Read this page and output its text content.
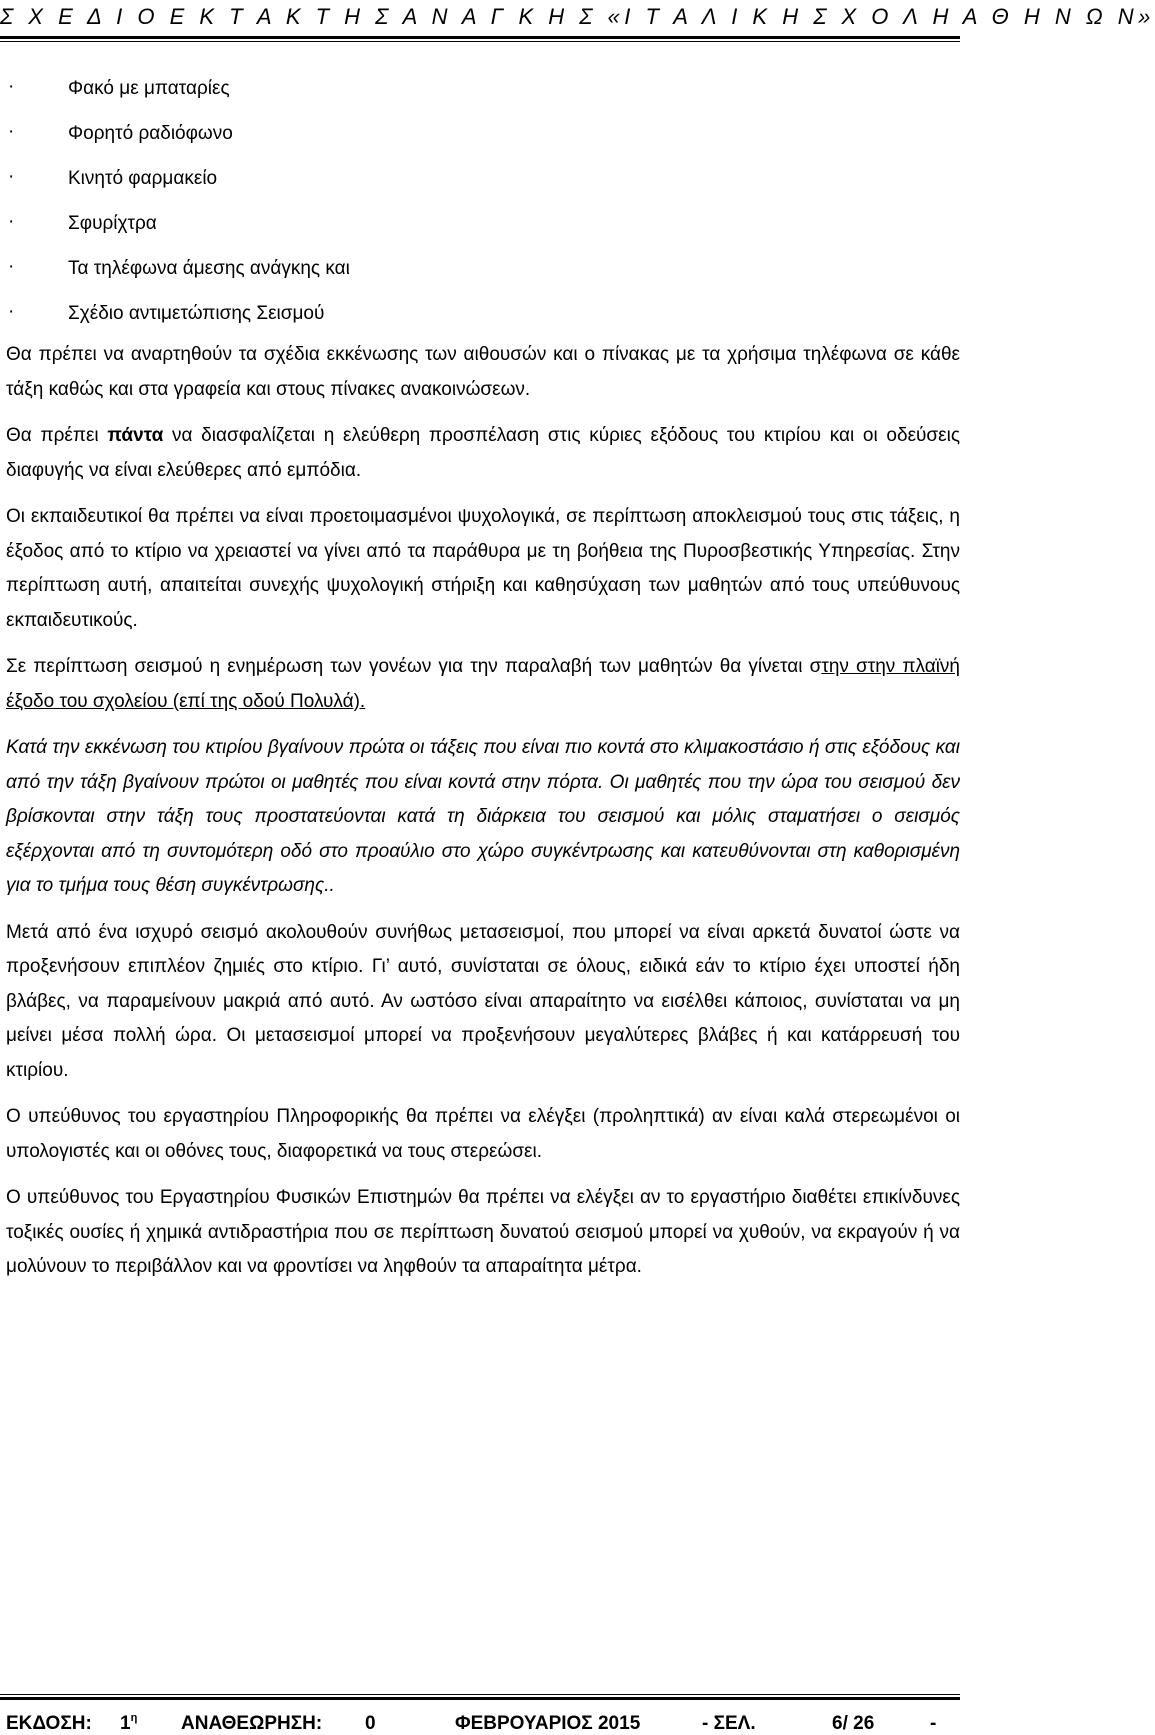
Σ Χ Ε Δ Ι Ο Ε Κ Τ Α Κ Τ Η Σ Α Ν Α Γ Κ Η Σ «Ι Τ Α Λ Ι Κ Η Σ Χ Ο Λ Η Α Θ Η Ν Ω Ν»
·	Φακό με μπαταρίες
·	Φορητό ραδιόφωνο
·	Κινητό φαρμακείο
·	Σφυρίχτρα
·	Τα τηλέφωνα άμεσης ανάγκης και
·	Σχέδιο αντιμετώπισης Σεισμού

Θα πρέπει να αναρτηθούν τα σχέδια εκκένωσης των αιθουσών και ο πίνακας με τα χρήσιμα τηλέφωνα σε κάθε τάξη καθώς και στα γραφεία και στους πίνακες ανακοινώσεων.

Θα πρέπει πάντα να διασφαλίζεται η ελεύθερη προσπέλαση στις κύριες εξόδους του κτιρίου και οι οδεύσεις διαφυγής να είναι ελεύθερες από εμπόδια.

Οι εκπαιδευτικοί θα πρέπει να είναι προετοιμασμένοι ψυχολογικά, σε περίπτωση αποκλεισμού τους στις τάξεις, η έξοδος από το κτίριο να χρειαστεί να γίνει από τα παράθυρα με τη βοήθεια της Πυροσβεστικής Υπηρεσίας. Στην περίπτωση αυτή, απαιτείται συνεχής ψυχολογική στήριξη και καθησύχαση των μαθητών από τους υπεύθυνους εκπαιδευτικούς.

Σε περίπτωση σεισμού η ενημέρωση των γονέων για την παραλαβή των μαθητών θα γίνεται στην στην πλαϊνή έξοδο του σχολείου (επί της οδού Πολυλά).

Κατά την εκκένωση του κτιρίου βγαίνουν πρώτα οι τάξεις που είναι πιο κοντά στο κλιμακοστάσιο ή στις εξόδους και από την τάξη βγαίνουν πρώτοι οι μαθητές που είναι κοντά στην πόρτα. Οι μαθητές που την ώρα του σεισμού δεν βρίσκονται στην τάξη τους προστατεύονται κατά τη διάρκεια του σεισμού και μόλις σταματήσει ο σεισμός εξέρχονται από τη συντομότερη οδό στο προαύλιο στο χώρο συγκέντρωσης και κατευθύνονται στη καθορισμένη για το τμήμα τους θέση συγκέντρωσης..

Μετά από ένα ισχυρό σεισμό ακολουθούν συνήθως μετασεισμοί, που μπορεί να είναι αρκετά δυνατοί ώστε να προξενήσουν επιπλέον ζημιές στο κτίριο. Γι’ αυτό, συνίσταται σε όλους, ειδικά εάν το κτίριο έχει υποστεί ήδη βλάβες, να παραμείνουν μακριά από αυτό. Αν ωστόσο είναι απαραίτητο να εισέλθει κάποιος, συνίσταται να μη μείνει μέσα πολλή ώρα. Οι μετασεισμοί μπορεί να προξενήσουν μεγαλύτερες βλάβες ή και κατάρρευσή του κτιρίου.

Ο υπεύθυνος του εργαστηρίου Πληροφορικής θα πρέπει να ελέγξει (προληπτικά) αν είναι καλά στερεωμένοι οι υπολογιστές και οι οθόνες τους, διαφορετικά να τους στερεώσει.

Ο υπεύθυνος του Εργαστηρίου Φυσικών Επιστημών θα πρέπει να ελέγξει αν το εργαστήριο διαθέτει επικίνδυνες τοξικές ουσίες ή χημικά αντιδραστήρια που σε περίπτωση δυνατού σεισμού μπορεί να χυθούν, να εκραγούν ή να μολύνουν το περιβάλλον και να φροντίσει να ληφθούν τα απαραίτητα μέτρα.

ΕΚΔΟΣΗ: $1^\eta$ ΑΝΑΘΕΩΡΗΣΗ: 0	ΦΕΒΡΟΥΑΡΙΟΣ 2015	- ΣΕΛ.	6/ 26	-
